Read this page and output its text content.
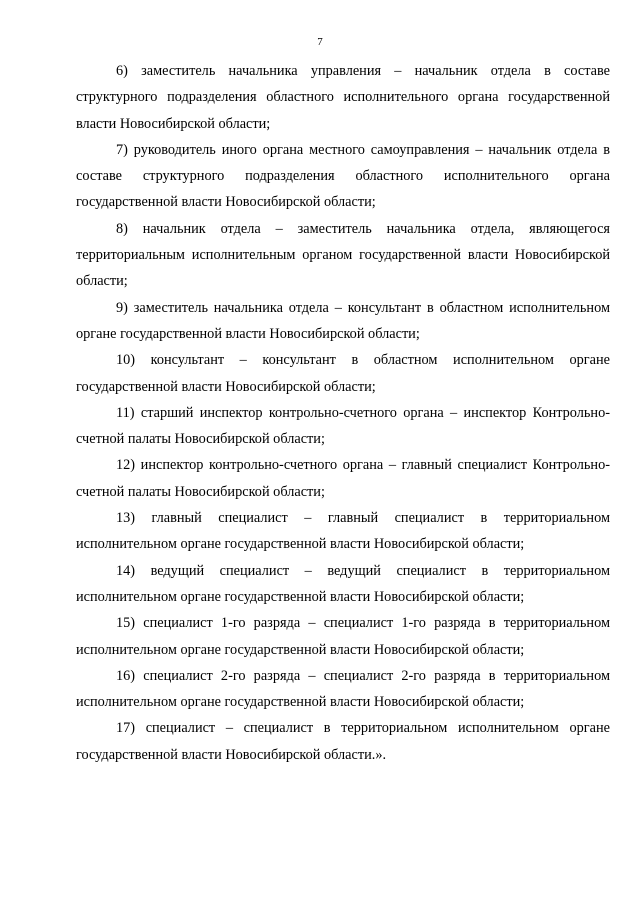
7

6) заместитель начальника управления – начальник отдела в составе структурного подразделения областного исполнительного органа государственной власти Новосибирской области;

7) руководитель иного органа местного самоуправления – начальник отдела в составе структурного подразделения областного исполнительного органа государственной власти Новосибирской области;

8) начальник отдела – заместитель начальника отдела, являющегося территориальным исполнительным органом государственной власти Новосибирской области;

9) заместитель начальника отдела – консультант в областном исполнительном органе государственной власти Новосибирской области;

10) консультант – консультант в областном исполнительном органе государственной власти Новосибирской области;

11) старший инспектор контрольно-счетного органа – инспектор Контрольно-счетной палаты Новосибирской области;

12) инспектор контрольно-счетного органа – главный специалист Контрольно-счетной палаты Новосибирской области;

13) главный специалист – главный специалист в территориальном исполнительном органе государственной власти Новосибирской области;

14) ведущий специалист – ведущий специалист в территориальном исполнительном органе государственной власти Новосибирской области;

15) специалист 1-го разряда – специалист 1-го разряда в территориальном исполнительном органе государственной власти Новосибирской области;

16) специалист 2-го разряда – специалист 2-го разряда в территориальном исполнительном органе государственной власти Новосибирской области;

17) специалист – специалист в территориальном исполнительном органе государственной власти Новосибирской области.».
